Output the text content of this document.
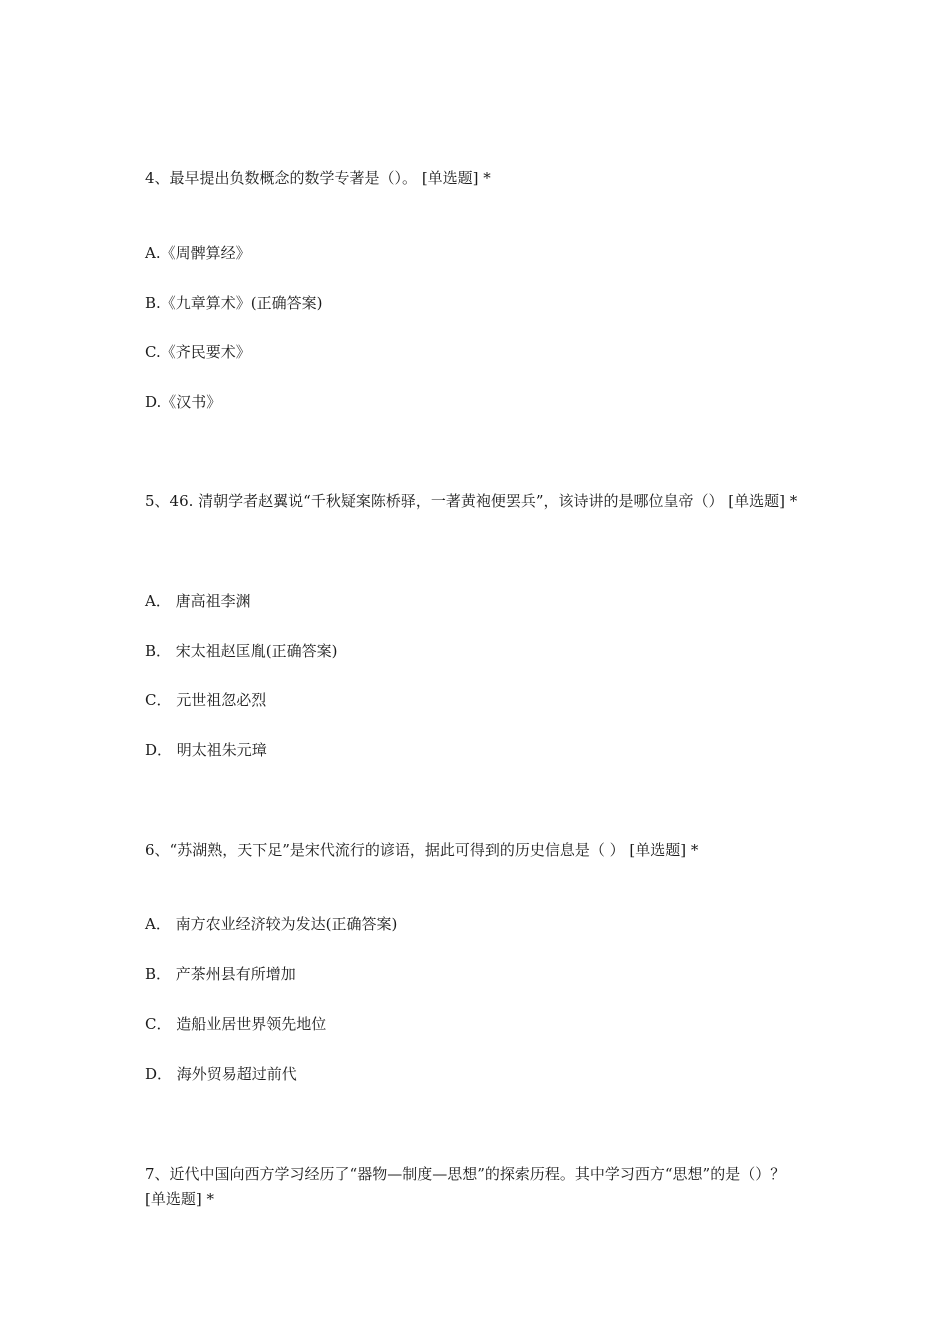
4、最早提出负数概念的数学专著是（）。 [单选题] *
A.《周髀算经》
B.《九章算术》(正确答案)
C.《齐民要术》
D.《汉书》
5、46. 清朝学者赵翼说“千秋疑案陈桥驿，一著黄袍便罢兵”，该诗讲的是哪位皇帝（） [单选题] *
A． 唐高祖李渊
B． 宋太祖赵匡胤(正确答案)
C． 元世祖忽必烈
D． 明太祖朱元璋
6、“苏湖熟，天下足”是宋代流行的谚语，据此可得到的历史信息是（ ） [单选题] *
A． 南方农业经济较为发达(正确答案)
B． 产茶州县有所增加
C． 造船业居世界领先地位
D． 海外贸易超过前代
7、近代中国向西方学习经历了“器物—制度—思想”的探索历程。其中学习西方“思想”的是（）？ [单选题] *
